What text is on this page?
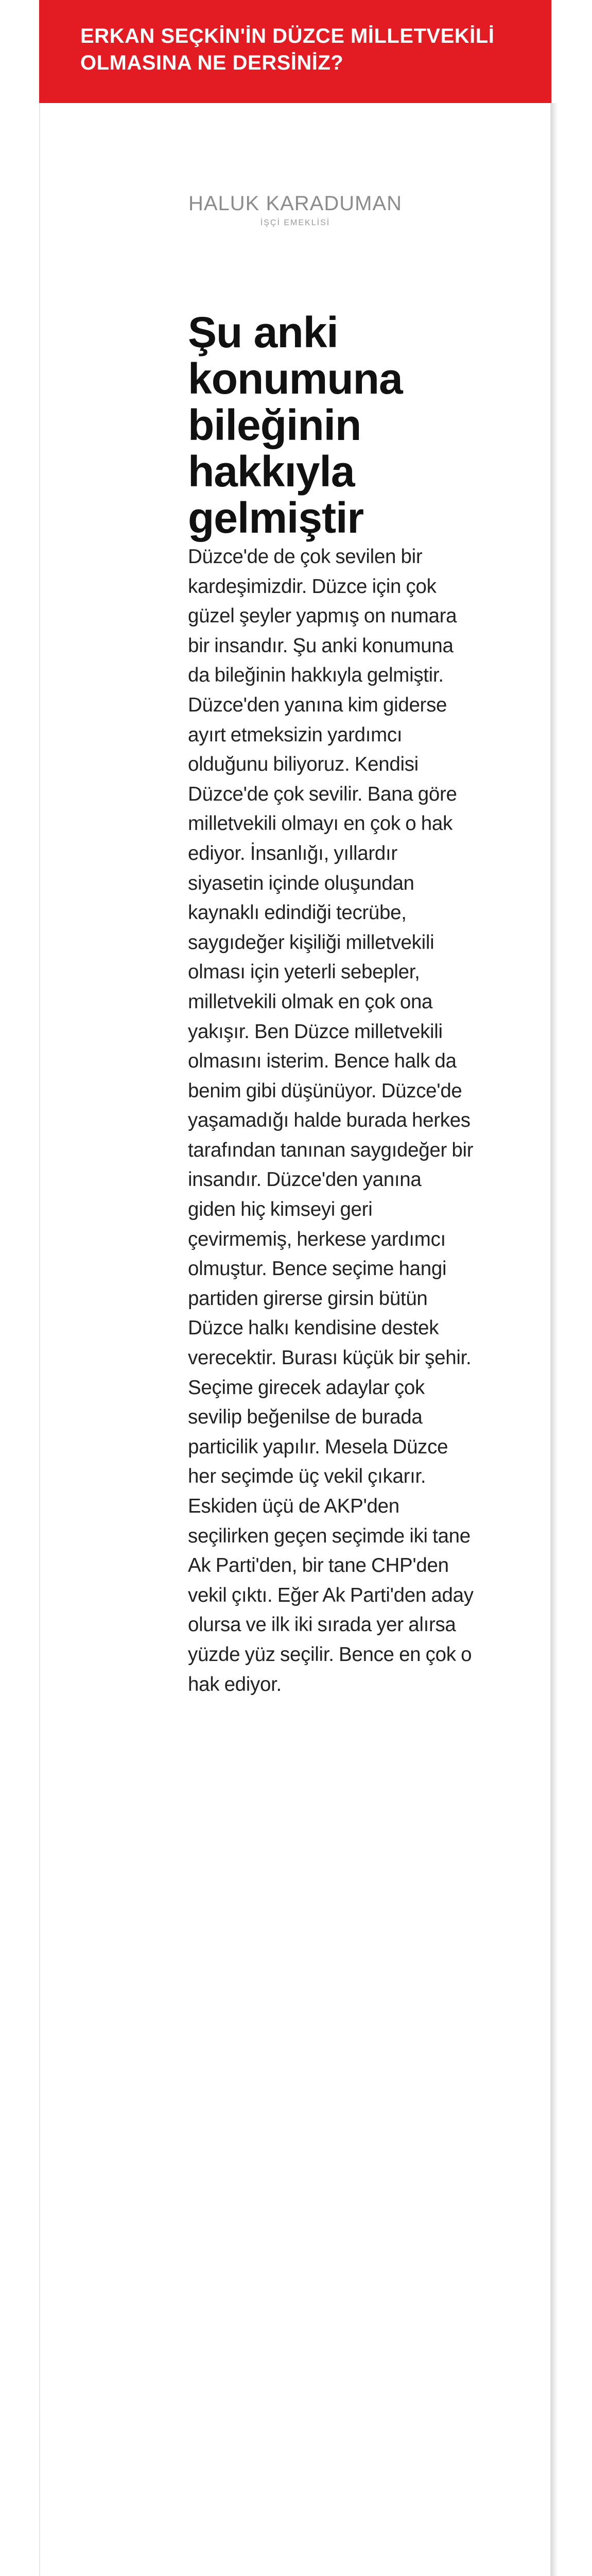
ERKAN SEÇKİN'İN DÜZCE MİLLETVEKİLİ
OLMASINA NE DERSİNİZ?
HALUK KARADUMAN
İŞÇİ EMEKLİSİ
Şu anki konumuna bileğinin hakkıyla gelmiştir

Düzce'de de çok sevilen bir kardeşimizdir. Düzce için çok güzel şeyler yapmış on numara bir insandır. Şu anki konumuna da bileğinin hakkıyla gelmiştir. Düzce'den yanına kim giderse ayırt etmeksizin yardımcı olduğunu biliyoruz. Kendisi Düzce'de çok sevilir. Bana göre milletvekili olmayı en çok o hak ediyor. İnsanlığı, yıllardır siyasetin içinde oluşundan kaynaklı edindiği tecrübe, saygıdeğer kişiliği milletvekili olması için yeterli sebepler, milletvekili olmak en çok ona yakışır. Ben Düzce milletvekili olmasını isterim. Bence halk da benim gibi düşünüyor. Düzce'de yaşamadığı halde burada herkes tarafından tanınan saygıdeğer bir insandır. Düzce'den yanına giden hiç kimseyi geri çevirmemiş, herkese yardımcı olmuştur. Bence seçime hangi partiden girerse girsin bütün Düzce halkı kendisine destek verecektir. Burası küçük bir şehir. Seçime girecek adaylar çok sevilip beğenilse de burada particilik yapılır. Mesela Düzce her seçimde üç vekil çıkarır. Eskiden üçü de AKP'den seçilirken geçen seçimde iki tane Ak Parti'den, bir tane CHP'den vekil çıktı. Eğer Ak Parti'den aday olursa ve ilk iki sırada yer alırsa yüzde yüz seçilir. Bence en çok o hak ediyor.
